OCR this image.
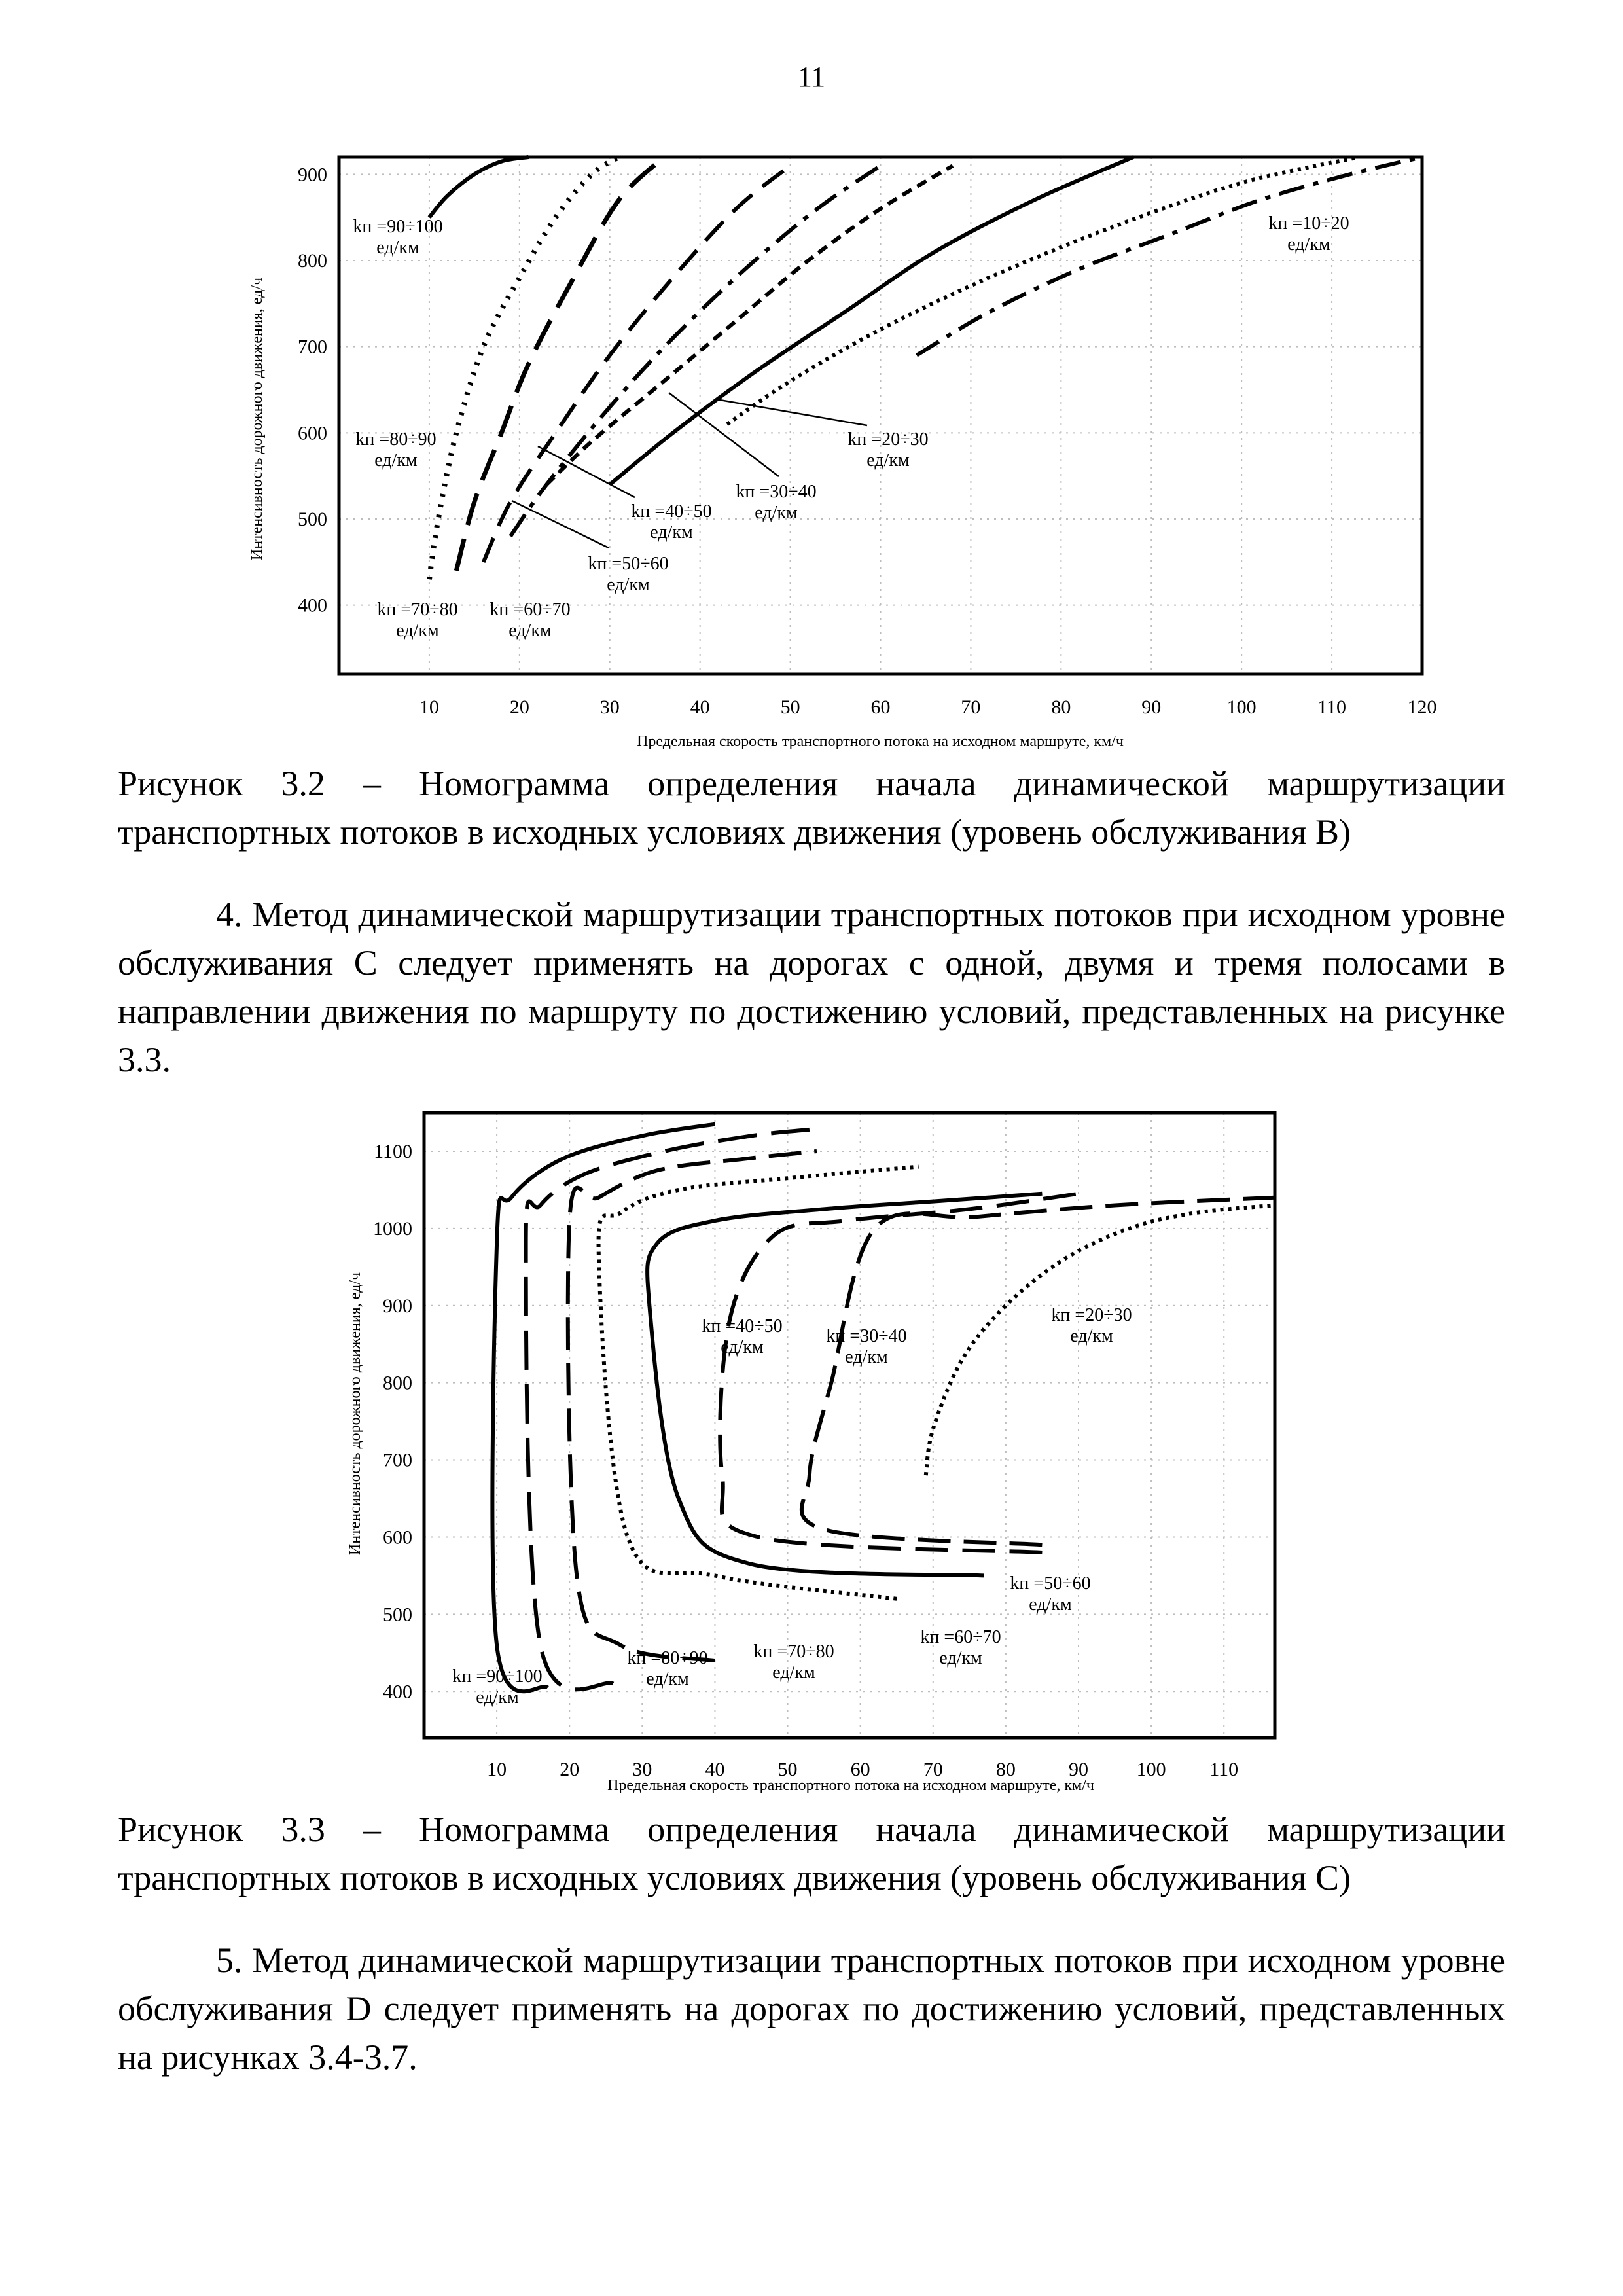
11
10	20	30	40	50	60	70	80	90	100	110	120
400
500
600
700
800
900
kп =90÷100
ед/км
kп =80÷90
ед/км
kп =70÷80
ед/км
kп =60÷70
ед/км
kп =50÷60
ед/км
kп =40÷50
ед/км
kп =30÷40
ед/км
kп =20÷30
ед/км
kп =10÷20
ед/км
Предельная скорость транспортного потока на исходном маршруте, км/ч
Интенсивность дорожного движения, ед/ч

Рисунок 3.2 – Номограмма определения начала динамической маршрутизации транспортных потоков в исходных условиях движения (уровень обслуживания B)

4. Метод динамической маршрутизации транспортных потоков при исходном уровне обслуживания C следует применять на дорогах с одной, двумя и тремя полосами в направлении движения по маршруту по достижению условий, представленных на рисунке 3.3.

10	20	30	40	50	60	70	80	90 100 110
400
500
600
700
800
900
1000
1100
kп =90÷100
ед/км
kп =80÷90
ед/км
kп =70÷80
ед/км
kп =60÷70
ед/км
kп =50÷60
ед/км
kп =40÷50
ед/км
kп =30÷40
ед/км
kп =20÷30
ед/км
Предельная скорость транспортного потока на исходном маршруте, км/ч
Интенсивность дорожного движения, ед/ч

Рисунок 3.3 – Номограмма определения начала динамической маршрутизации транспортных потоков в исходных условиях движения (уровень обслуживания C)

5. Метод динамической маршрутизации транспортных потоков при исходном уровне обслуживания D следует применять на дорогах по достижению условий, представленных на рисунках 3.4-3.7.
